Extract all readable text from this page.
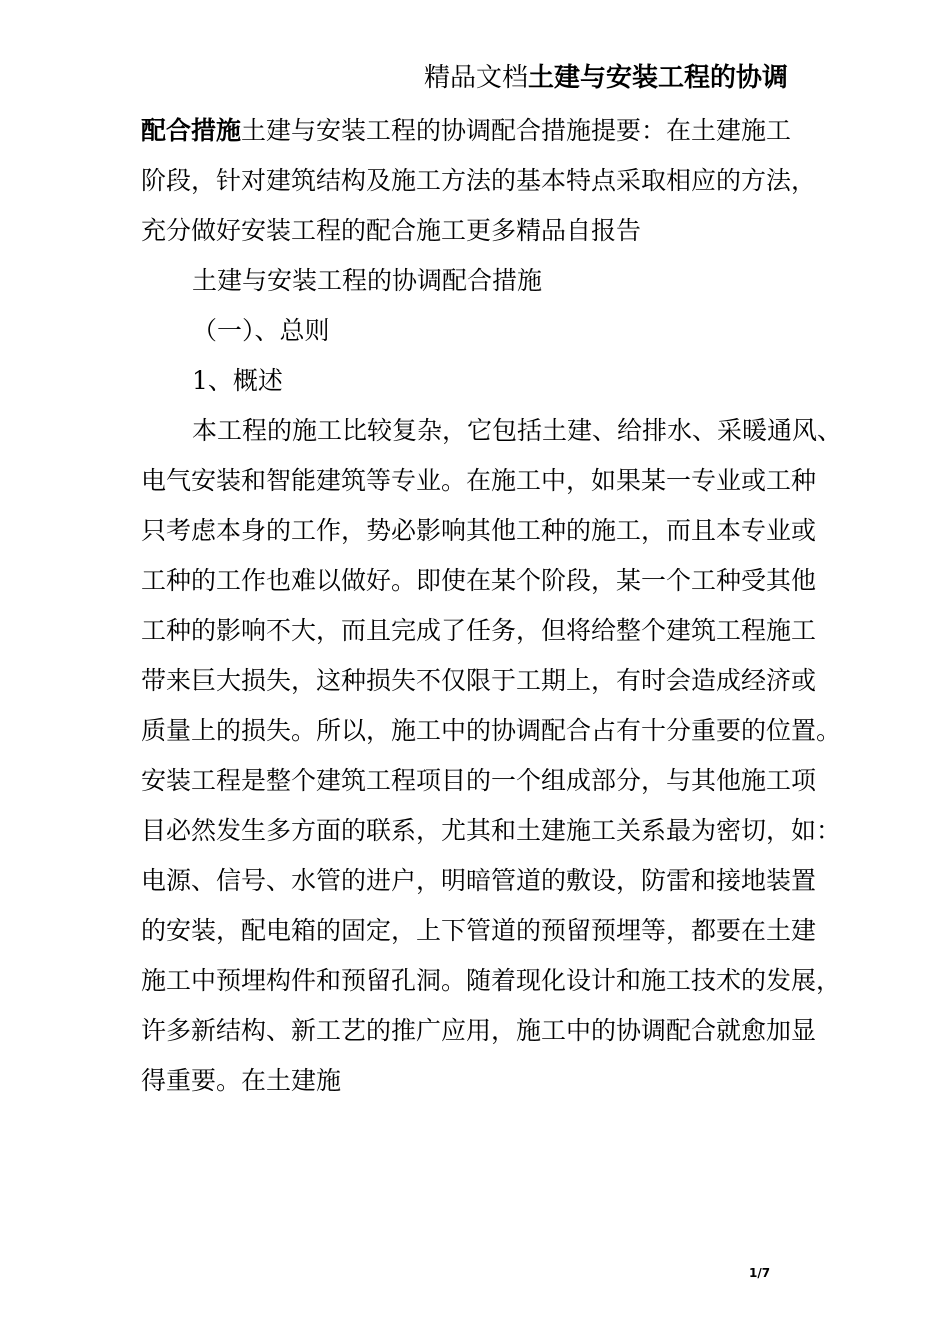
精品文档土建与安装工程的协调
配合措施土建与安装工程的协调配合措施提要：在土建施工
阶段，针对建筑结构及施工方法的基本特点采取相应的方法，
充分做好安装工程的配合施工更多精品自报告
土建与安装工程的协调配合措施
（一）、总则
1、概述
本工程的施工比较复杂，它包括土建、给排水、采暖通风、
电气安装和智能建筑等专业。在施工中，如果某一专业或工种
只考虑本身的工作，势必影响其他工种的施工，而且本专业或
工种的工作也难以做好。即使在某个阶段，某一个工种受其他
工种的影响不大，而且完成了任务，但将给整个建筑工程施工
带来巨大损失，这种损失不仅限于工期上，有时会造成经济或
质量上的损失。所以，施工中的协调配合占有十分重要的位置。
安装工程是整个建筑工程项目的一个组成部分，与其他施工项
目必然发生多方面的联系，尤其和土建施工关系最为密切，如：
电源、信号、水管的进户，明暗管道的敷设，防雷和接地装置
的安装，配电箱的固定，上下管道的预留预埋等，都要在土建
施工中预埋构件和预留孔洞。随着现化设计和施工技术的发展，
许多新结构、新工艺的推广应用，施工中的协调配合就愈加显
得重要。在土建施
1/7
